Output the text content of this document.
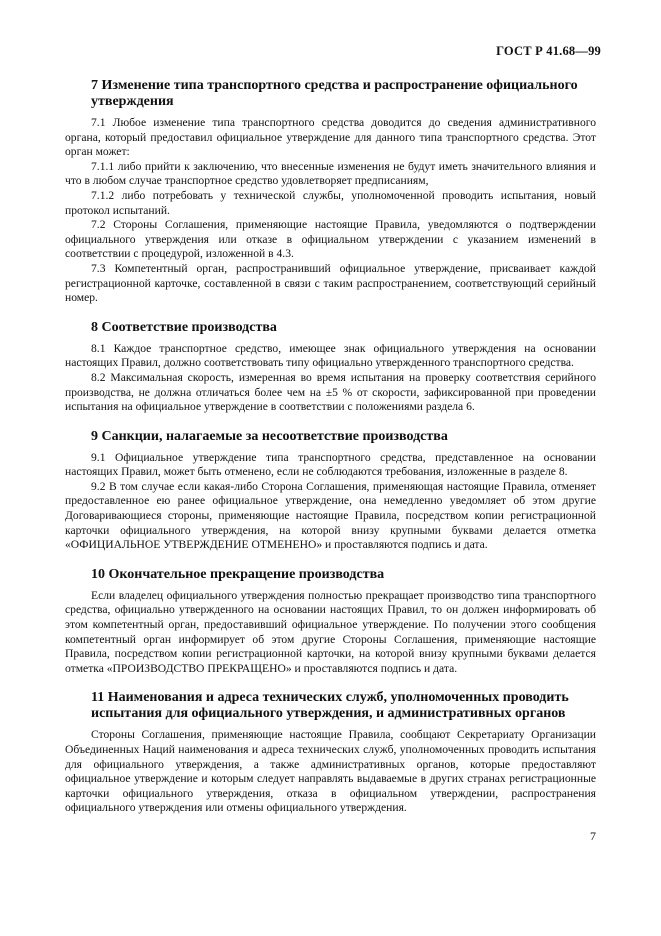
ГОСТ Р 41.68—99
7 Изменение типа транспортного средства и распространение официального утверждения

7.1 Любое изменение типа транспортного средства доводится до сведения административного органа, который предоставил официальное утверждение для данного типа транспортного средства. Этот орган может:

7.1.1 либо прийти к заключению, что внесенные изменения не будут иметь значительного влияния и что в любом случае транспортное средство удовлетворяет предписаниям,

7.1.2 либо потребовать у технической службы, уполномоченной проводить испытания, новый протокол испытаний.

7.2 Стороны Соглашения, применяющие настоящие Правила, уведомляются о подтверждении официального утверждения или отказе в официальном утверждении с указанием изменений в соответствии с процедурой, изложенной в 4.3.

7.3 Компетентный орган, распространивший официальное утверждение, присваивает каждой регистрационной карточке, составленной в связи с таким распространением, соответствующий серийный номер.

8 Соответствие производства

8.1 Каждое транспортное средство, имеющее знак официального утверждения на основании настоящих Правил, должно соответствовать типу официально утвержденного транспортного средства.

8.2 Максимальная скорость, измеренная во время испытания на проверку соответствия серийного производства, не должна отличаться более чем на ±5 % от скорости, зафиксированной при проведении испытания на официальное утверждение в соответствии с положениями раздела 6.

9 Санкции, налагаемые за несоответствие производства

9.1 Официальное утверждение типа транспортного средства, представленное на основании настоящих Правил, может быть отменено, если не соблюдаются требования, изложенные в разделе 8.

9.2 В том случае если какая-либо Сторона Соглашения, применяющая настоящие Правила, отменяет предоставленное ею ранее официальное утверждение, она немедленно уведомляет об этом другие Договаривающиеся стороны, применяющие настоящие Правила, посредством копии регистрационной карточки официального утверждения, на которой внизу крупными буквами делается отметка «ОФИЦИАЛЬНОЕ УТВЕРЖДЕНИЕ ОТМЕНЕНО» и проставляются подпись и дата.

10 Окончательное прекращение производства

Если владелец официального утверждения полностью прекращает производство типа транспортного средства, официально утвержденного на основании настоящих Правил, то он должен информировать об этом компетентный орган, предоставивший официальное утверждение. По получении этого сообщения компетентный орган информирует об этом другие Стороны Соглашения, применяющие настоящие Правила, посредством копии регистрационной карточки, на которой внизу крупными буквами делается отметка «ПРОИЗВОДСТВО ПРЕКРАЩЕНО» и проставляются подпись и дата.

11 Наименования и адреса технических служб, уполномоченных проводить испытания для официального утверждения, и административных органов

Стороны Соглашения, применяющие настоящие Правила, сообщают Секретариату Организации Объединенных Наций наименования и адреса технических служб, уполномоченных проводить испытания для официального утверждения, а также административных органов, которые предоставляют официальное утверждение и которым следует направлять выдаваемые в других странах регистрационные карточки официального утверждения, отказа в официальном утверждении, распространения официального утверждения или отмены официального утверждения.

7
